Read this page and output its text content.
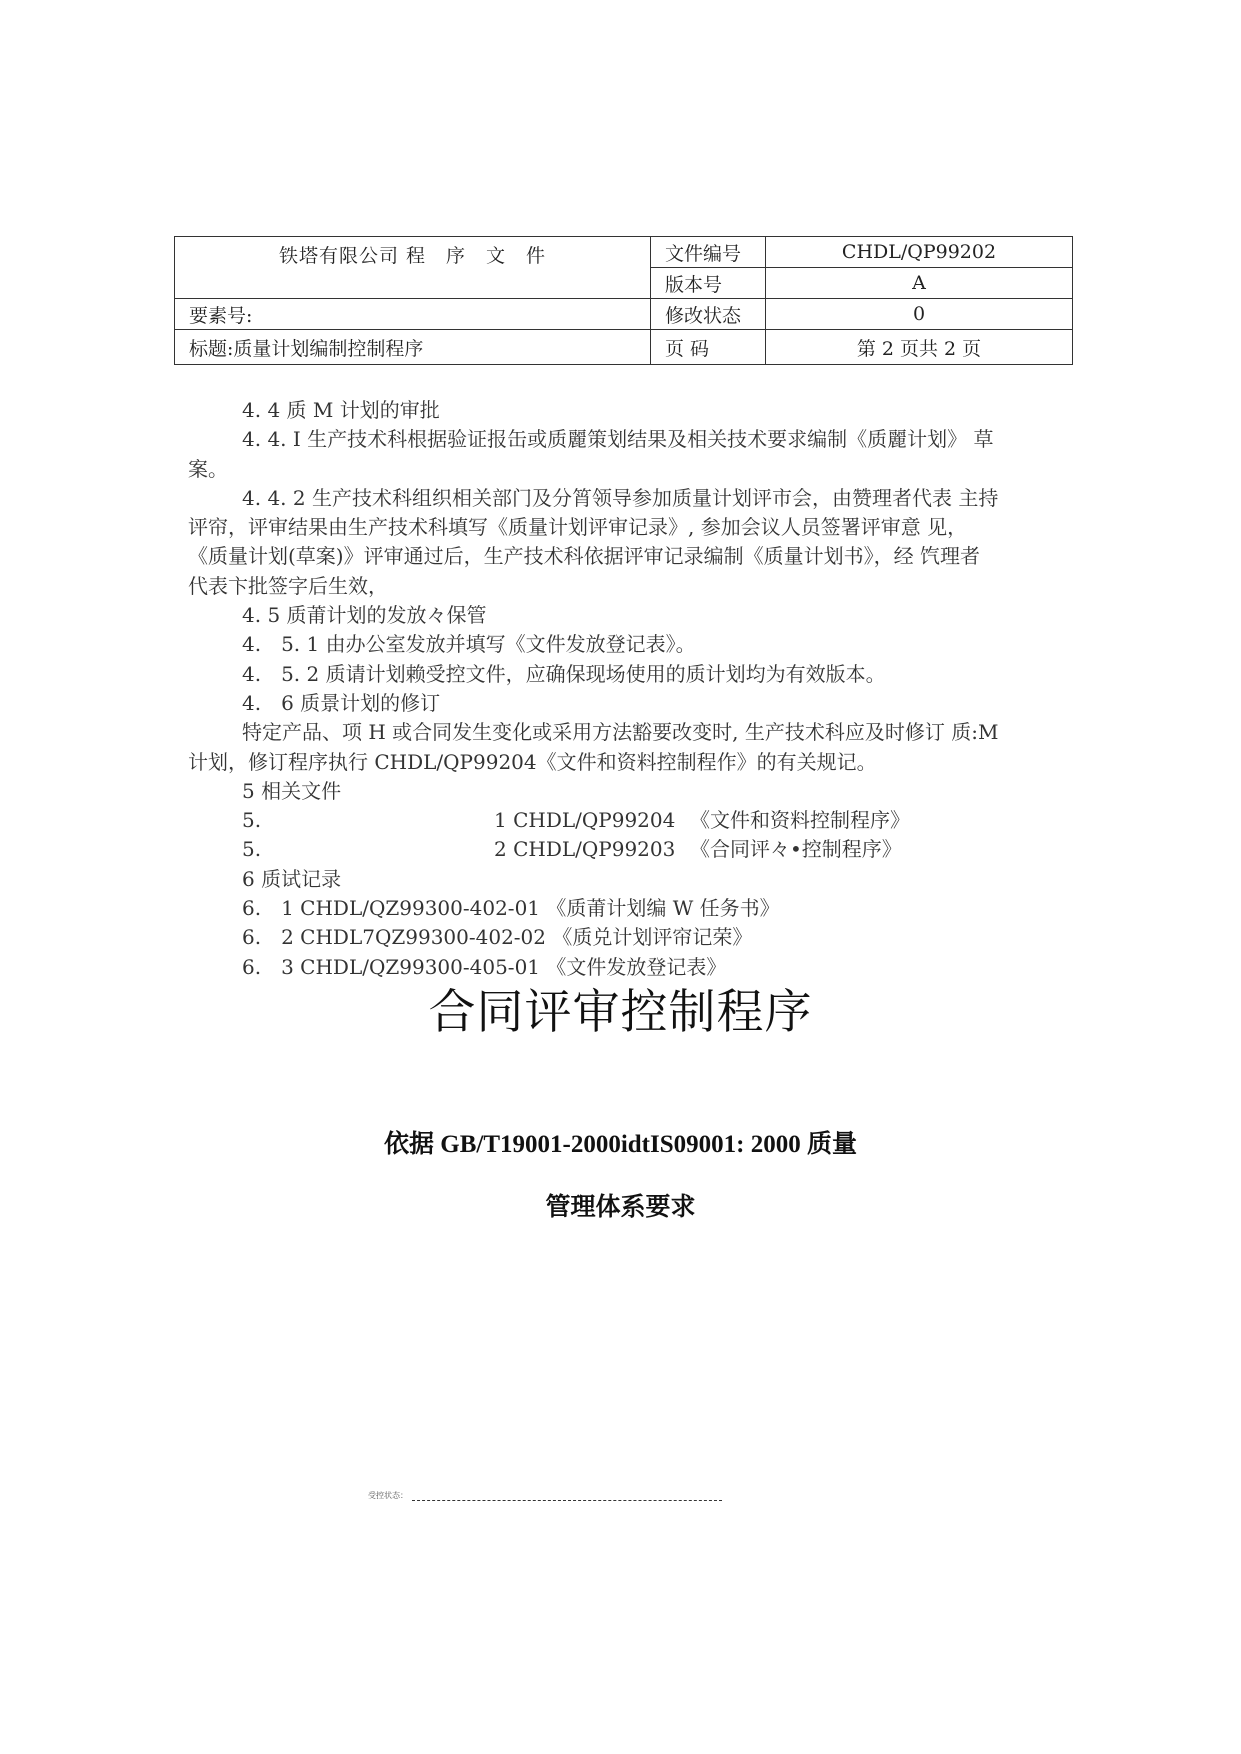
铁塔有限公司 程　序　文　件	文件编号	CHDL/QP99202
	版本号	A
要素号:	修改状态	0
标题:质量计划编制控制程序	页 码	第 2 页共 2 页

4. 4 质 M 计划的审批

4. 4. I 生产技术科根据验证报缶或质麗策划结果及相关技术要求编制《质麗计划》 草

案。

4. 4. 2 生产技术科组织相关部门及分筲领导参加质量计划评市会，由赞理者代表 主持

评帘，评审结果由生产技术科填写《质量计划评审记录》, 参加会议人员签署评审意 见，

《质量计划(草案)》评审通过后，生产技术科依据评审记录编制《质量计划书》，经 饩理者

代表卞批签字后生效，

4. 5 质莆计划的发放々保管

4.　5. 1 由办公室发放并填写《文件发放登记表》。

4.　5. 2 质请计划赖受控文件，应确保现场使用的质计划均为有效版本。

4.　6 质景计划的修订

特定产品、项 H 或合同发生变化或采用方法豁要改变时, 生产技术科应及时修订 质:M

计划，修订程序执行 CHDL/QP99204《文件和资料控制程作》的有关规记。

5 相关文件

5.	1 CHDL/QP99204 《文件和资料控制程序》
5.	2 CHDL/QP99203 《合同评々•控制程序》

6 质试记录

6.　1 CHDL/QZ99300-402-01 《质莆计划编 W 任务书》

6.　2 CHDL7QZ99300-402-02 《质兑计划评帘记荣》

6.　3 CHDL/QZ99300-405-01 《文件发放登记表》

合同评审控制程序
依据 GB/T19001-2000idtIS09001: 2000 质量
管理体系要求
受控状态：
